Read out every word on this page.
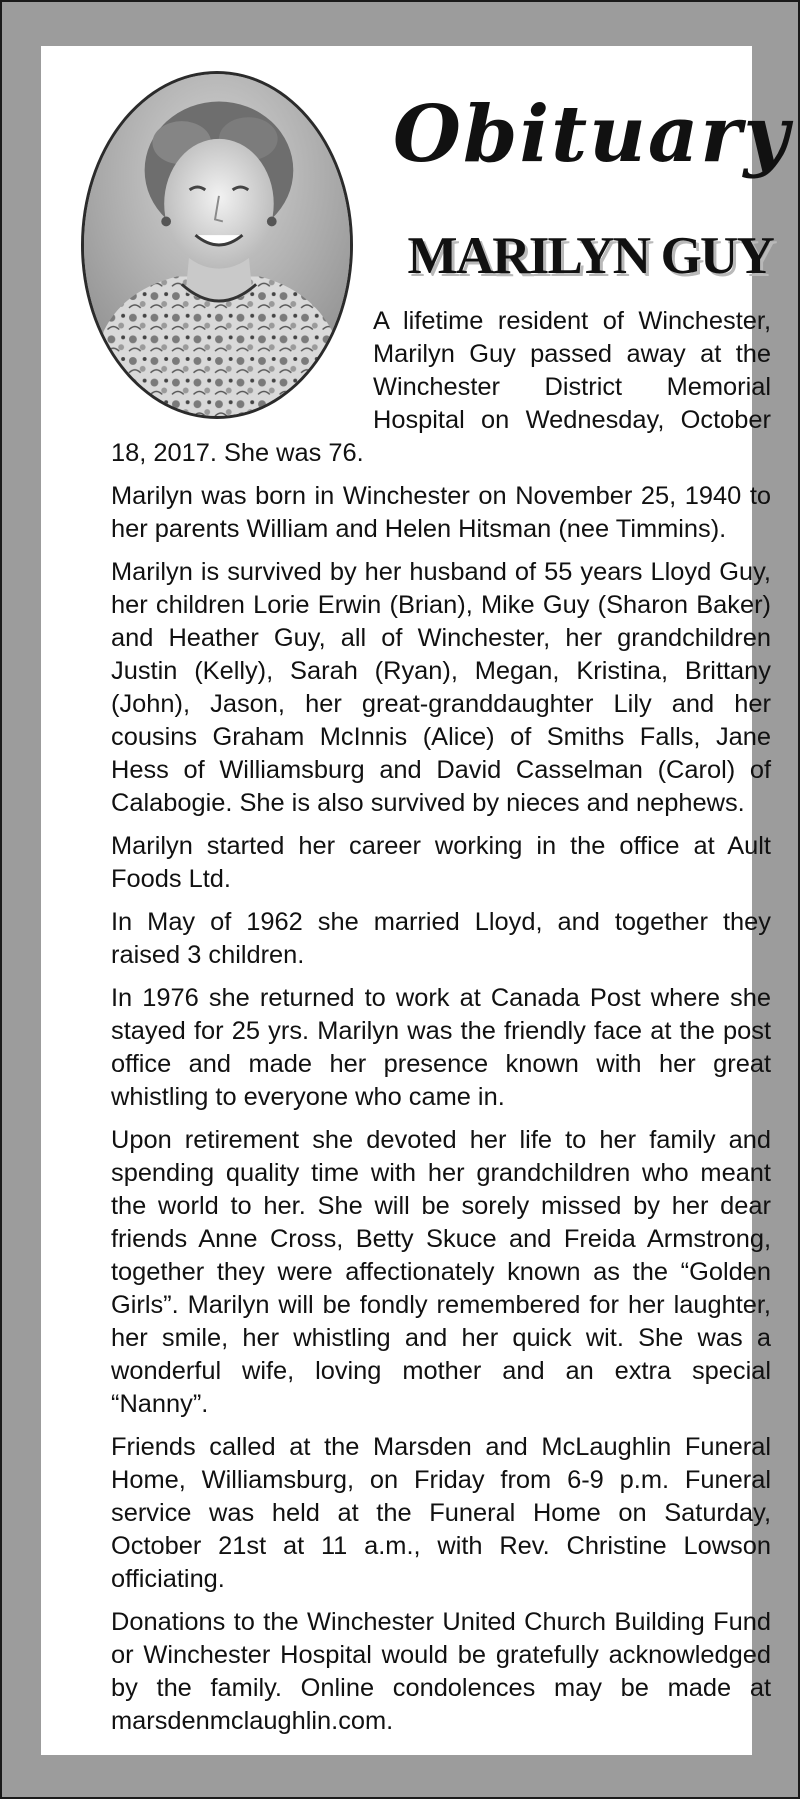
Obituary
MARILYN GUY

A lifetime resident of Winchester, Marilyn Guy passed away at the Winchester District Memorial Hospital on Wednesday, October 18, 2017. She was 76.

Marilyn was born in Winchester on November 25, 1940 to her parents William and Helen Hitsman (nee Timmins).

Marilyn is survived by her husband of 55 years Lloyd Guy, her children Lorie Erwin (Brian), Mike Guy (Sharon Baker) and Heather Guy, all of Winchester, her grandchildren Justin (Kelly), Sarah (Ryan), Megan, Kristina, Brittany (John), Jason, her great-granddaughter Lily and her cousins Graham McInnis (Alice) of Smiths Falls, Jane Hess of Williamsburg and David Casselman (Carol) of Calabogie. She is also survived by nieces and nephews.

Marilyn started her career working in the office at Ault Foods Ltd.

In May of 1962 she married Lloyd, and together they raised 3 children.

In 1976 she returned to work at Canada Post where she stayed for 25 yrs. Marilyn was the friendly face at the post office and made her presence known with her great whistling to everyone who came in.

Upon retirement she devoted her life to her family and spending quality time with her grandchildren who meant the world to her. She will be sorely missed by her dear friends Anne Cross, Betty Skuce and Freida Armstrong, together they were affectionately known as the “Golden Girls”. Marilyn will be fondly remembered for her laughter, her smile, her whistling and her quick wit. She was a wonderful wife, loving mother and an extra special “Nanny”.

Friends called at the Marsden and McLaughlin Funeral Home, Williamsburg, on Friday from 6-9 p.m. Funeral service was held at the Funeral Home on Saturday, October 21st at 11 a.m., with Rev. Christine Lowson officiating.

Donations to the Winchester United Church Building Fund or Winchester Hospital would be gratefully acknowledged by the family. Online condolences may be made at marsdenmclaughlin.com.
